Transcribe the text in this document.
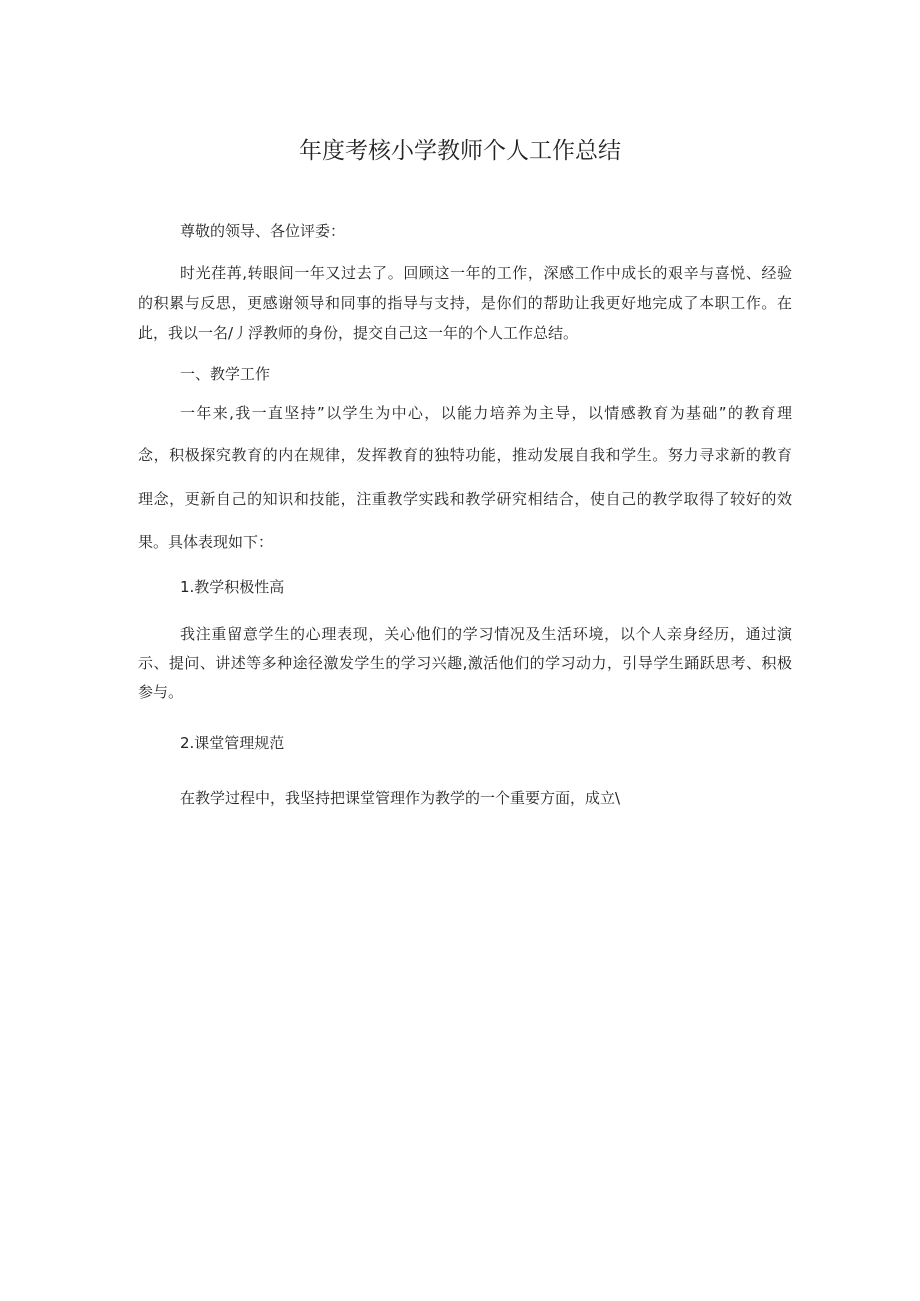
年度考核小学教师个人工作总结
尊敬的领导、各位评委：
时光荏苒,转眼间一年又过去了。回顾这一年的工作，深感工作中成长的艰辛与喜悦、经验
的积累与反思，更感谢领导和同事的指导与支持，是你们的帮助让我更好地完成了本职工作。在
此，我以一名/丿浮教师的身份，提交自己这一年的个人工作总结。
一、教学工作
一年来,我一直坚持”以学生为中心，以能力培养为主导，以情感教育为基础”的教育理
念，积极探究教育的内在规律，发挥教育的独特功能，推动发展自我和学生。努力寻求新的教育
理念，更新自己的知识和技能，注重教学实践和教学研究相结合，使自己的教学取得了较好的效
果。具体表现如下：
1.教学积极性高
我注重留意学生的心理表现，关心他们的学习情况及生活环境，以个人亲身经历，通过演
示、提问、讲述等多种途径激发学生的学习兴趣,激活他们的学习动力，引导学生踊跃思考、积极
参与。
2.课堂管理规范
在教学过程中，我坚持把课堂管理作为教学的一个重要方面，成立\
